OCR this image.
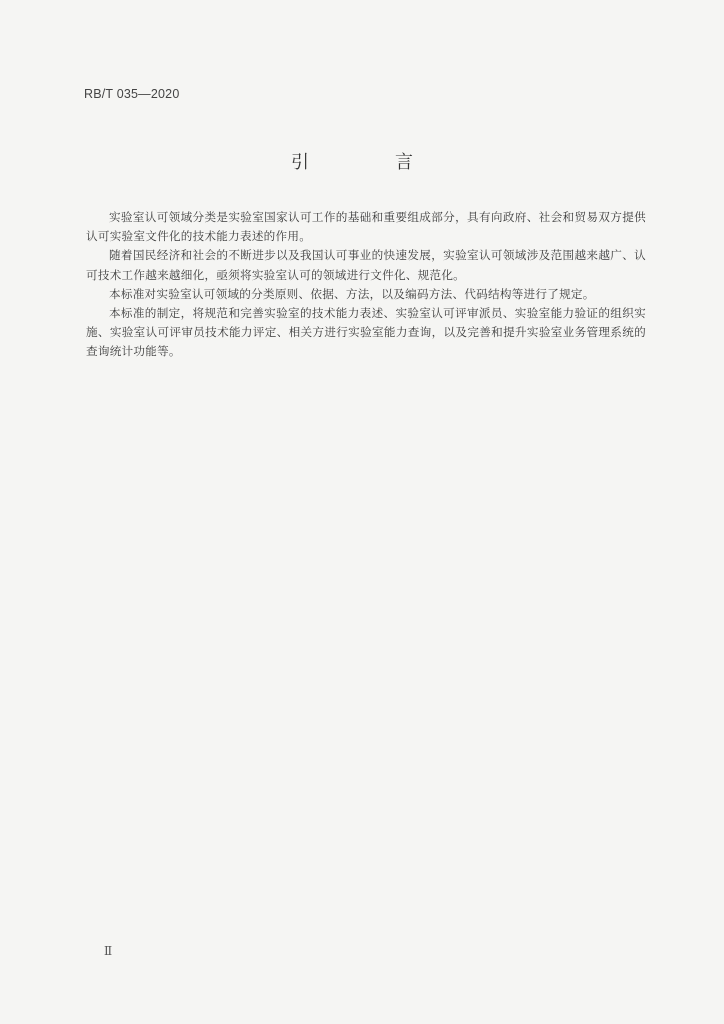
RB/T 035—2020
引　言

实验室认可领域分类是实验室国家认可工作的基础和重要组成部分，具有向政府、社会和贸易双方提供认可实验室文件化的技术能力表述的作用。

随着国民经济和社会的不断进步以及我国认可事业的快速发展，实验室认可领域涉及范围越来越广、认可技术工作越来越细化，亟须将实验室认可的领域进行文件化、规范化。

本标准对实验室认可领域的分类原则、依据、方法，以及编码方法、代码结构等进行了规定。

本标准的制定，将规范和完善实验室的技术能力表述、实验室认可评审派员、实验室能力验证的组织实施、实验室认可评审员技术能力评定、相关方进行实验室能力查询，以及完善和提升实验室业务管理系统的查询统计功能等。

Ⅱ
